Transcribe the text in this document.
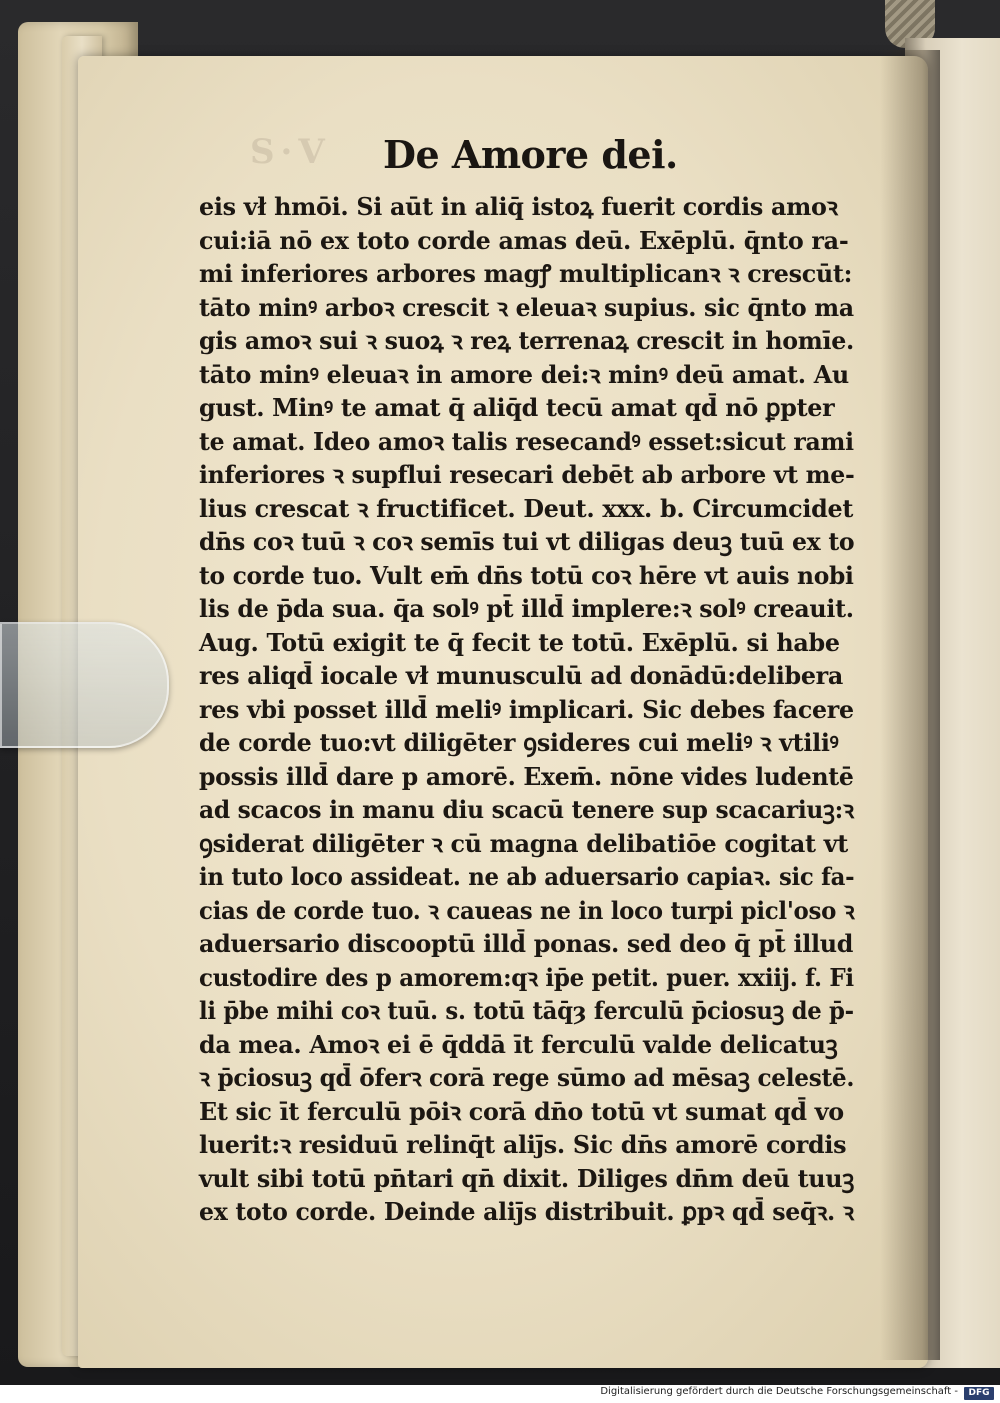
S·V	De Amore dei.
eis vł hmōi. Si aūt in aliq̄ istoꝝ fuerit cordis amoꝛ
cui:iā nō ex toto corde amas deū. Exēplū. q̄nto ra‑
mi inferiores arbores magꝭ multiplicanꝛ ꝛ crescūt:
tāto minꝰ arboꝛ crescit ꝛ eleuaꝛ supius. sic q̄nto ma
gis amoꝛ sui ꝛ suoꝝ ꝛ reꝝ terrenaꝝ crescit in homīe.
tāto minꝰ eleuaꝛ in amore dei:ꝛ minꝰ deū amat. Au
gust. Minꝰ te amat q̄ aliq̄d tecū amat qd̄ nō ꝑpter
te amat. Ideo amoꝛ talis resecandꝰ esset:sicut rami
inferiores ꝛ supflui resecari debēt ab arbore vt me‑
lius crescat ꝛ fructificet. Deut. xxx. b. Circumcidet
dn̄s coꝛ tuū ꝛ coꝛ semīs tui vt diligas deuꝫ tuū ex to
to corde tuo. Vult em̄ dn̄s totū coꝛ hēre vt auis nobi
lis de p̄da sua. q̄a solꝰ pt̄ illd̄ implere:ꝛ solꝰ creauit.
Aug. Totū exigit te q̄ fecit te totū. Exēplū. si habe
res aliqd̄ iocale vł munusculū ad donādū:delibera
res vbi posset illd̄ meliꝰ implicari. Sic debes facere
de corde tuo:vt diligēter ꝯsideres cui meliꝰ ꝛ vtiliꝰ
possis illd̄ dare p amorē. Exem̄. nōne vides ludentē
ad scacos in manu diu scacū tenere sup scacariuꝫ:ꝛ
ꝯsiderat diligēter ꝛ cū magna delibatiōe cogitat vt
in tuto loco assideat. ne ab aduersario capiaꝛ. sic fa‑
cias de corde tuo. ꝛ caueas ne in loco turpi picl'oso ꝛ
aduersario discooptū illd̄ ponas. sed deo q̄ pt̄ illud
custodire des p amorem:qꝛ ip̄e petit. puer. xxiij. f. Fi
li p̄be mihi coꝛ tuū. s. totū tāq̄ȝ ferculū p̄ciosuꝫ de p̄‑
da mea. Amoꝛ ei ē q̄ddā īt ferculū valde delicatuꝫ
ꝛ p̄ciosuꝫ qd̄ ōferꝛ corā rege sūmo ad mēsaꝫ celestē.
Et sic īt ferculū pōiꝛ corā dn̄o totū vt sumat qd̄ vo
luerit:ꝛ residuū relinq̄t aliȷ̄s. Sic dn̄s amorē cordis
vult sibi totū pn̄tari qn̄ dixit. Diliges dn̄m deū tuuꝫ
ex toto corde. Deinde aliȷ̄s distribuit. ꝑpꝛ qd̄ seq̄ꝛ. ꝛ
Digitalisierung gefördert durch die Deutsche Forschungsgemeinschaft -	DFG
